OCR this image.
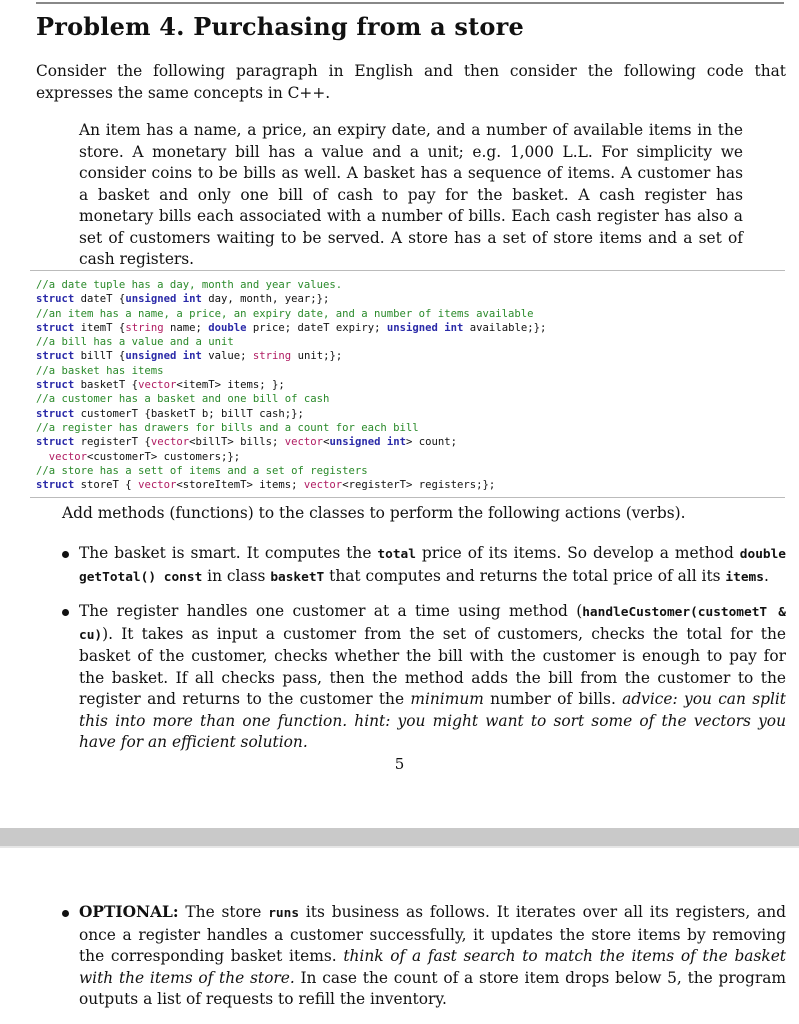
Problem 4. Purchasing from a store

Consider the following paragraph in English and then consider the following code that expresses the same concepts in C++.

An item has a name, a price, an expiry date, and a number of available items in the store. A monetary bill has a value and a unit; e.g. 1,000 L.L. For simplicity we consider coins to be bills as well. A basket has a sequence of items. A customer has a basket and only one bill of cash to pay for the basket. A cash register has monetary bills each associated with a number of bills. Each cash register has also a set of customers waiting to be served. A store has a set of store items and a set of cash registers.

//a date tuple has a day, month and year values.
struct dateT {unsigned int day, month, year;};
//an item has a name, a price, an expiry date, and a number of items available
struct itemT {string name; double price; dateT expiry; unsigned int available;};
//a bill has a value and a unit
struct billT {unsigned int value; string unit;};
//a basket has items
struct basketT {vector<itemT> items; };
//a customer has a basket and one bill of cash
struct customerT {basketT b; billT cash;};
//a register has drawers for bills and a count for each bill
struct registerT {vector<billT> bills; vector<unsigned int> count;
vector<customerT> customers;};
//a store has a sett of items and a set of registers
struct storeT { vector<storeItemT> items; vector<registerT> registers;};

Add methods (functions) to the classes to perform the following actions (verbs).

The basket is smart. It computes the total price of its items. So develop a method double getTotal() const in class basketT that computes and returns the total price of all its items.

The register handles one customer at a time using method (handleCustomer(custometT & cu)). It takes as input a customer from the set of customers, checks the total for the basket of the customer, checks whether the bill with the customer is enough to pay for the basket. If all checks pass, then the method adds the bill from the customer to the register and returns to the customer the minimum number of bills. advice: you can split this into more than one function. hint: you might want to sort some of the vectors you have for an efficient solution.

5

OPTIONAL: The store runs its business as follows. It iterates over all its registers, and once a register handles a customer successfully, it updates the store items by removing the corresponding basket items. think of a fast search to match the items of the basket with the items of the store. In case the count of a store item drops below 5, the program outputs a list of requests to refill the inventory.
